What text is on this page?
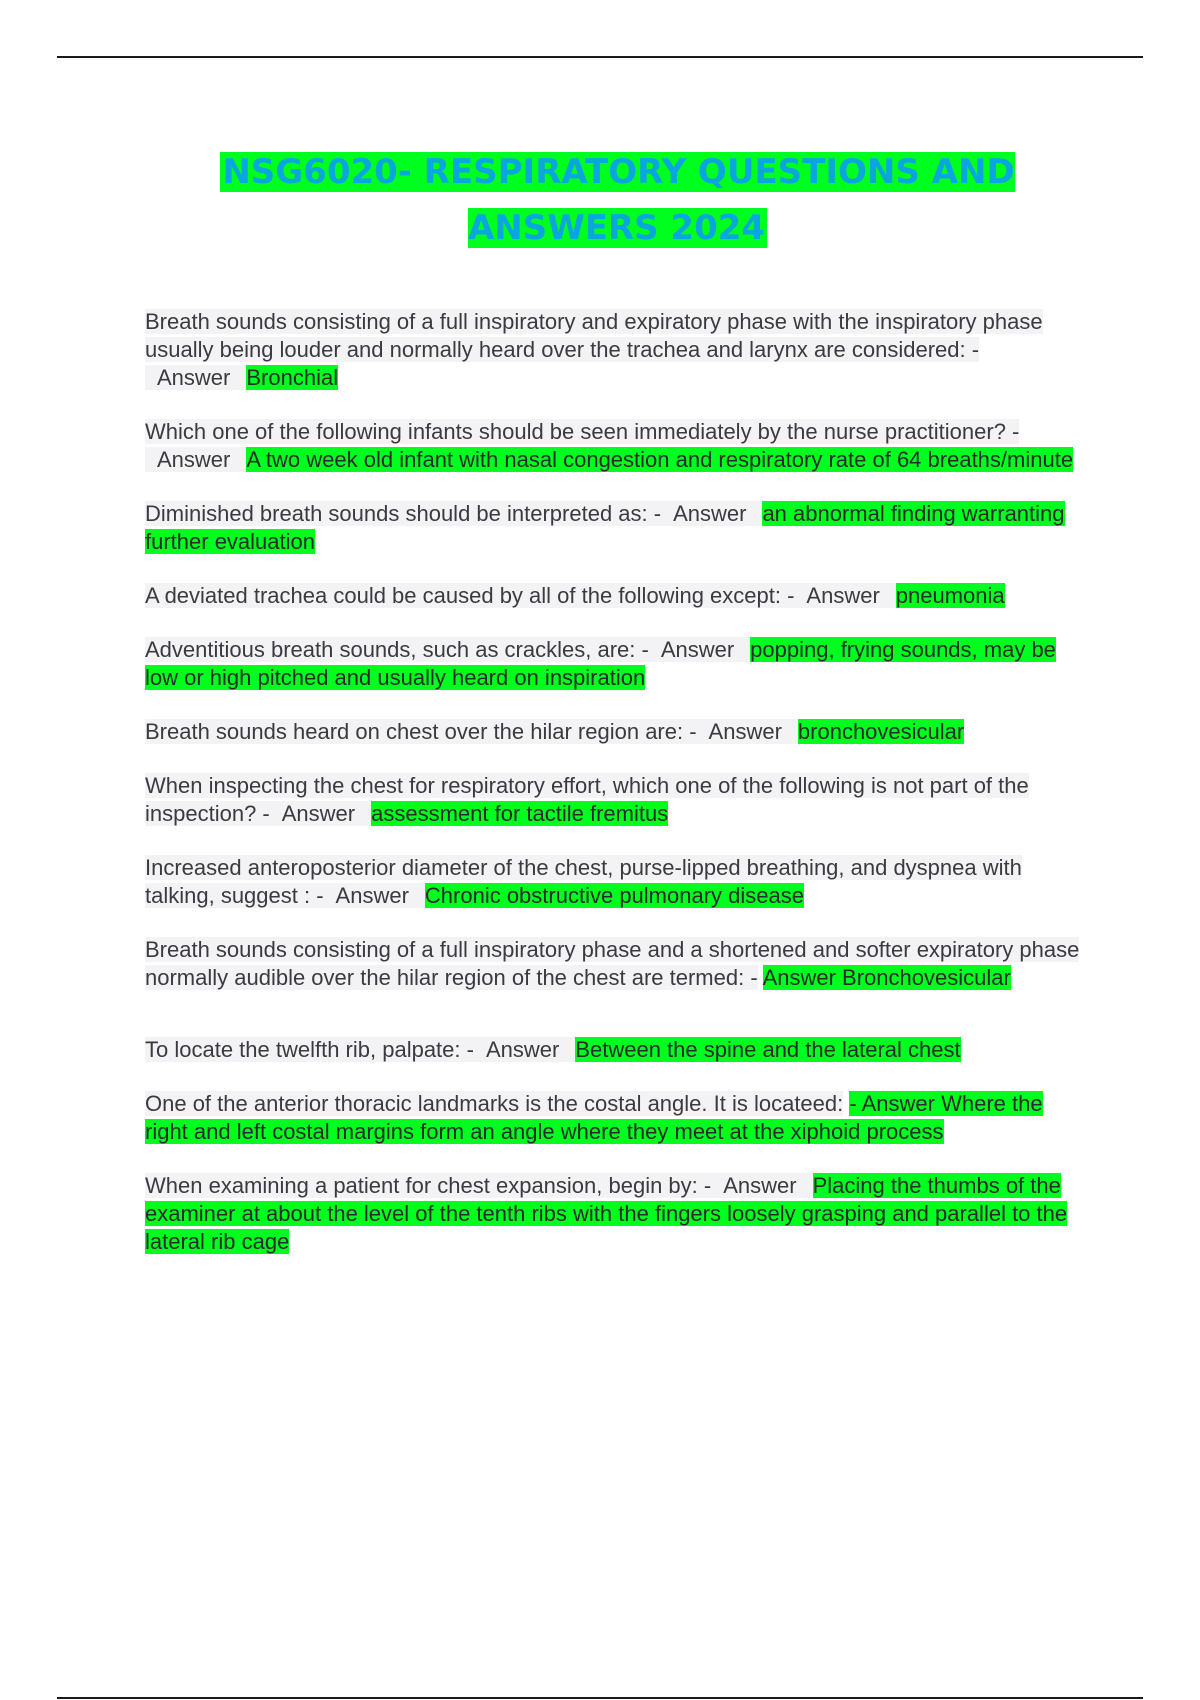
NSG6020- RESPIRATORY QUESTIONS AND ANSWERS 2024

Breath sounds consisting of a full inspiratory and expiratory phase with the inspiratory phase usually being louder and normally heard over the trachea and larynx are considered: -Answer Bronchial

Which one of the following infants should be seen immediately by the nurse practitioner? -Answer A two week old infant with nasal congestion and respiratory rate of 64 breaths/minute

Diminished breath sounds should be interpreted as: - Answer an abnormal finding warranting further evaluation

A deviated trachea could be caused by all of the following except: - Answer pneumonia

Adventitious breath sounds, such as crackles, are: - Answer popping, frying sounds, may be low or high pitched and usually heard on inspiration

Breath sounds heard on chest over the hilar region are: - Answer bronchovesicular

When inspecting the chest for respiratory effort, which one of the following is not part of the inspection? - Answer assessment for tactile fremitus

Increased anteroposterior diameter of the chest, purse-lipped breathing, and dyspnea with talking, suggest : - Answer Chronic obstructive pulmonary disease

Breath sounds consisting of a full inspiratory phase and a shortened and softer expiratory phase normally audible over the hilar region of the chest are termed: - Answer Bronchovesicular

To locate the twelfth rib, palpate: - Answer Between the spine and the lateral chest

One of the anterior thoracic landmarks is the costal angle. It is locateed: - Answer Where the right and left costal margins form an angle where they meet at the xiphoid process

When examining a patient for chest expansion, begin by: - Answer Placing the thumbs of the examiner at about the level of the tenth ribs with the fingers loosely grasping and parallel to the lateral rib cage
